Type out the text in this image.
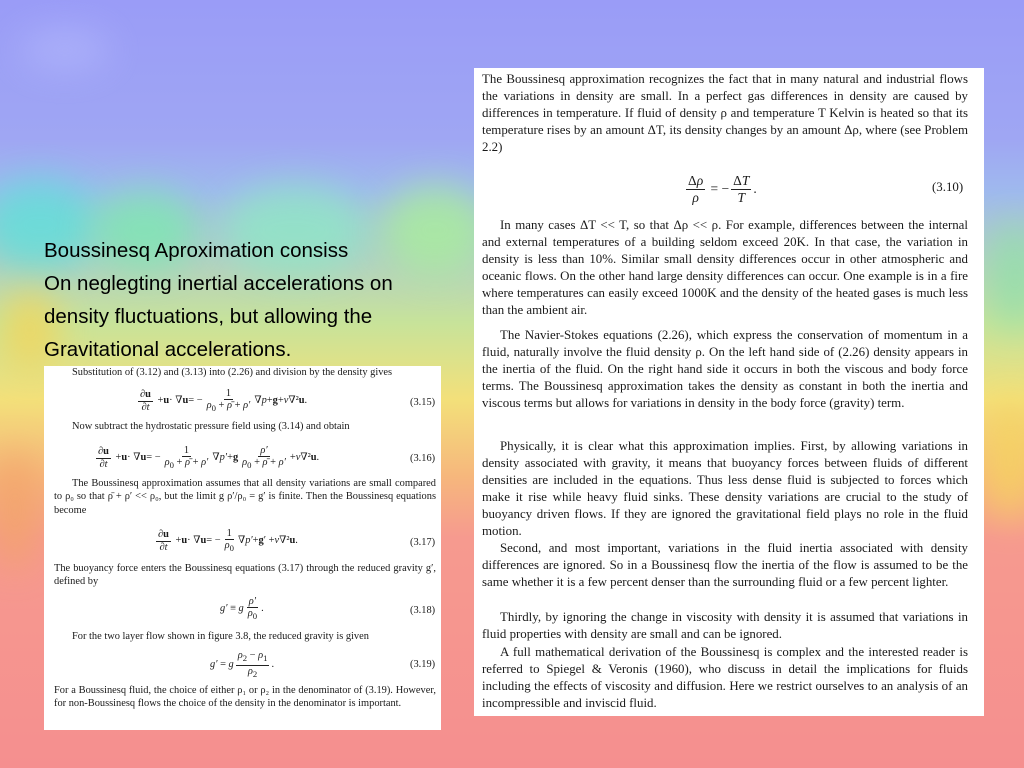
Boussinesq Aproximation consiss
On neglegting inertial accelerations on
density fluctuations, but allowing the
Gravitational accelerations.
Substitution of (3.12) and (3.13) into (2.26) and division by the density gives
$\frac{\partial u}{\partial t} + u$ · ∇ u = − $\frac{1}{\rho_0 + \rhō + \rho'}$ ∇ p + g + ν ∇² u .	(3.15)
Now subtract the hydrostatic pressure field using (3.14) and obtain
$\frac{\partial u}{\partial t} + u$ · ∇ u = − $\frac{1}{\rho_0 + \rhō + \rho'}$ ∇ p′ + g $\frac{\rho'}{\rho_0 + \rhō + \rho'} + \nu$ ∇² u .	(3.16)
The Boussinesq approximation assumes that all density variations are small compared to ρ₀ so that ρ̄ + ρ′ << ρ₀, but the limit g ρ′/ρ₀ = g′ is finite. Then the Boussinesq equations become
$\frac{\partial u}{\partial t} + u$ · ∇ u = − $\frac{1}{\rho_0}$ ∇ p′ + g ′ + ν ∇² u .	(3.17)
The buoyancy force enters the Boussinesq equations (3.17) through the reduced gravity g′, defined by
g′ ≡ g $\frac{\rho'}{\rho_0}$ .	(3.18)
For the two layer flow shown in figure 3.8, the reduced gravity is given
g′ = g $\frac{\rho_2 - \rho_1}{\rho_2}$ .	(3.19)
For a Boussinesq fluid, the choice of either ρ₁ or ρ₂ in the denominator of (3.19). However, for non-Boussinesq flows the choice of the density in the denominator is important.
The Boussinesq approximation recognizes the fact that in many natural and industrial flows the variations in density are small. In a perfect gas differences in density are caused by differences in temperature. If fluid of density ρ and temperature T Kelvin is heated so that its temperature rises by an amount ΔT, its density changes by an amount Δρ, where (see Problem 2.2)
$\frac{\Delta\rho}{\rho}$ = − $\frac{\Delta T}{T}$ .	(3.10)
In many cases ΔT << T, so that Δρ << ρ. For example, differences between the internal and external temperatures of a building seldom exceed 20K. In that case, the variation in density is less than 10%. Similar small density differences occur in other atmospheric and oceanic flows. On the other hand large density differences can occur. One example is in a fire where temperatures can easily exceed 1000K and the density of the heated gases is much less than the ambient air.
The Navier-Stokes equations (2.26), which express the conservation of momentum in a fluid, naturally involve the fluid density ρ. On the left hand side of (2.26) density appears in the inertia of the fluid. On the right hand side it occurs in both the viscous and body force terms. The Boussinesq approximation takes the density as constant in both the inertia and viscous terms but allows for variations in density in the body force (gravity) term.
Physically, it is clear what this approximation implies. First, by allowing variations in density associated with gravity, it means that buoyancy forces between fluids of different densities are included in the equations. Thus less dense fluid is subjected to forces which make it rise while heavy fluid sinks. These density variations are crucial to the study of buoyancy driven flows. If they are ignored the gravitational field plays no role in the fluid motion.
Second, and most important, variations in the fluid inertia associated with density differences are ignored. So in a Boussinesq flow the inertia of the flow is assumed to be the same whether it is a few percent denser than the surrounding fluid or a few percent lighter.
Thirdly, by ignoring the change in viscosity with density it is assumed that variations in fluid properties with density are small and can be ignored.
A full mathematical derivation of the Boussinesq is complex and the interested reader is referred to Spiegel & Veronis (1960), who discuss in detail the implications for fluids including the effects of viscosity and diffusion. Here we restrict ourselves to an analysis of an incompressible and inviscid fluid.
